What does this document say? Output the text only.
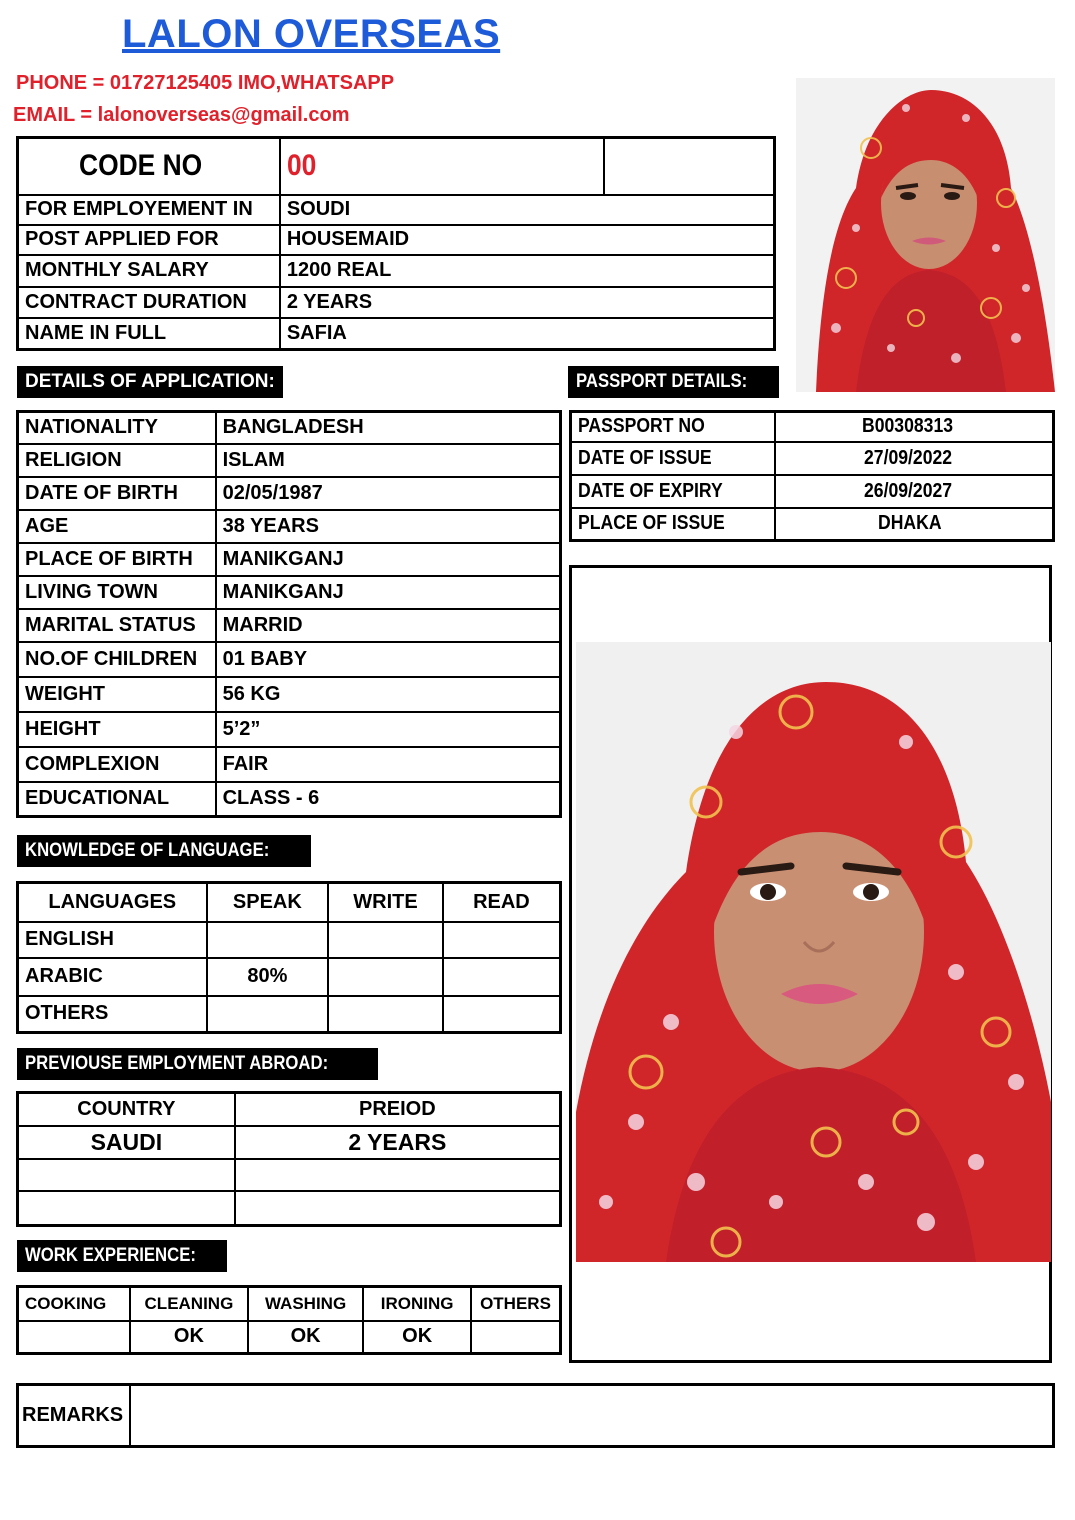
LALON OVERSEAS
PHONE = 01727125405 IMO,WHATSAPP
EMAIL = lalonoverseas@gmail.com
CODE NO	00	
FOR EMPLOYEMENT IN	SOUDI	
POST APPLIED FOR	HOUSEMAID	
MONTHLY SALARY	1200 REAL	
CONTRACT DURATION	2 YEARS	
NAME IN FULL	SAFIA	
DETAILS OF APPLICATION:	PASSPORT DETAILS:
NATIONALITY	BANGLADESH
RELIGION	ISLAM
DATE OF BIRTH	02/05/1987
AGE	38 YEARS
PLACE OF BIRTH	MANIKGANJ
LIVING TOWN	MANIKGANJ
MARITAL STATUS	MARRID
NO.OF CHILDREN	01 BABY
WEIGHT	56 KG
HEIGHT	5’2”
COMPLEXION	FAIR
EDUCATIONAL	CLASS - 6
PASSPORT NO	B00308313
DATE OF ISSUE	27/09/2022
DATE OF EXPIRY	26/09/2027
PLACE OF ISSUE	DHAKA
KNOWLEDGE OF LANGUAGE:
LANGUAGES	SPEAK	WRITE	READ
ENGLISH			
ARABIC	80%		
OTHERS			
PREVIOUSE EMPLOYMENT ABROAD:
COUNTRY	PREIOD
SAUDI	2 YEARS

WORK EXPERIENCE:
COOKING	CLEANING	WASHING	IRONING	OTHERS
	OK	OK	OK	
REMARKS	
